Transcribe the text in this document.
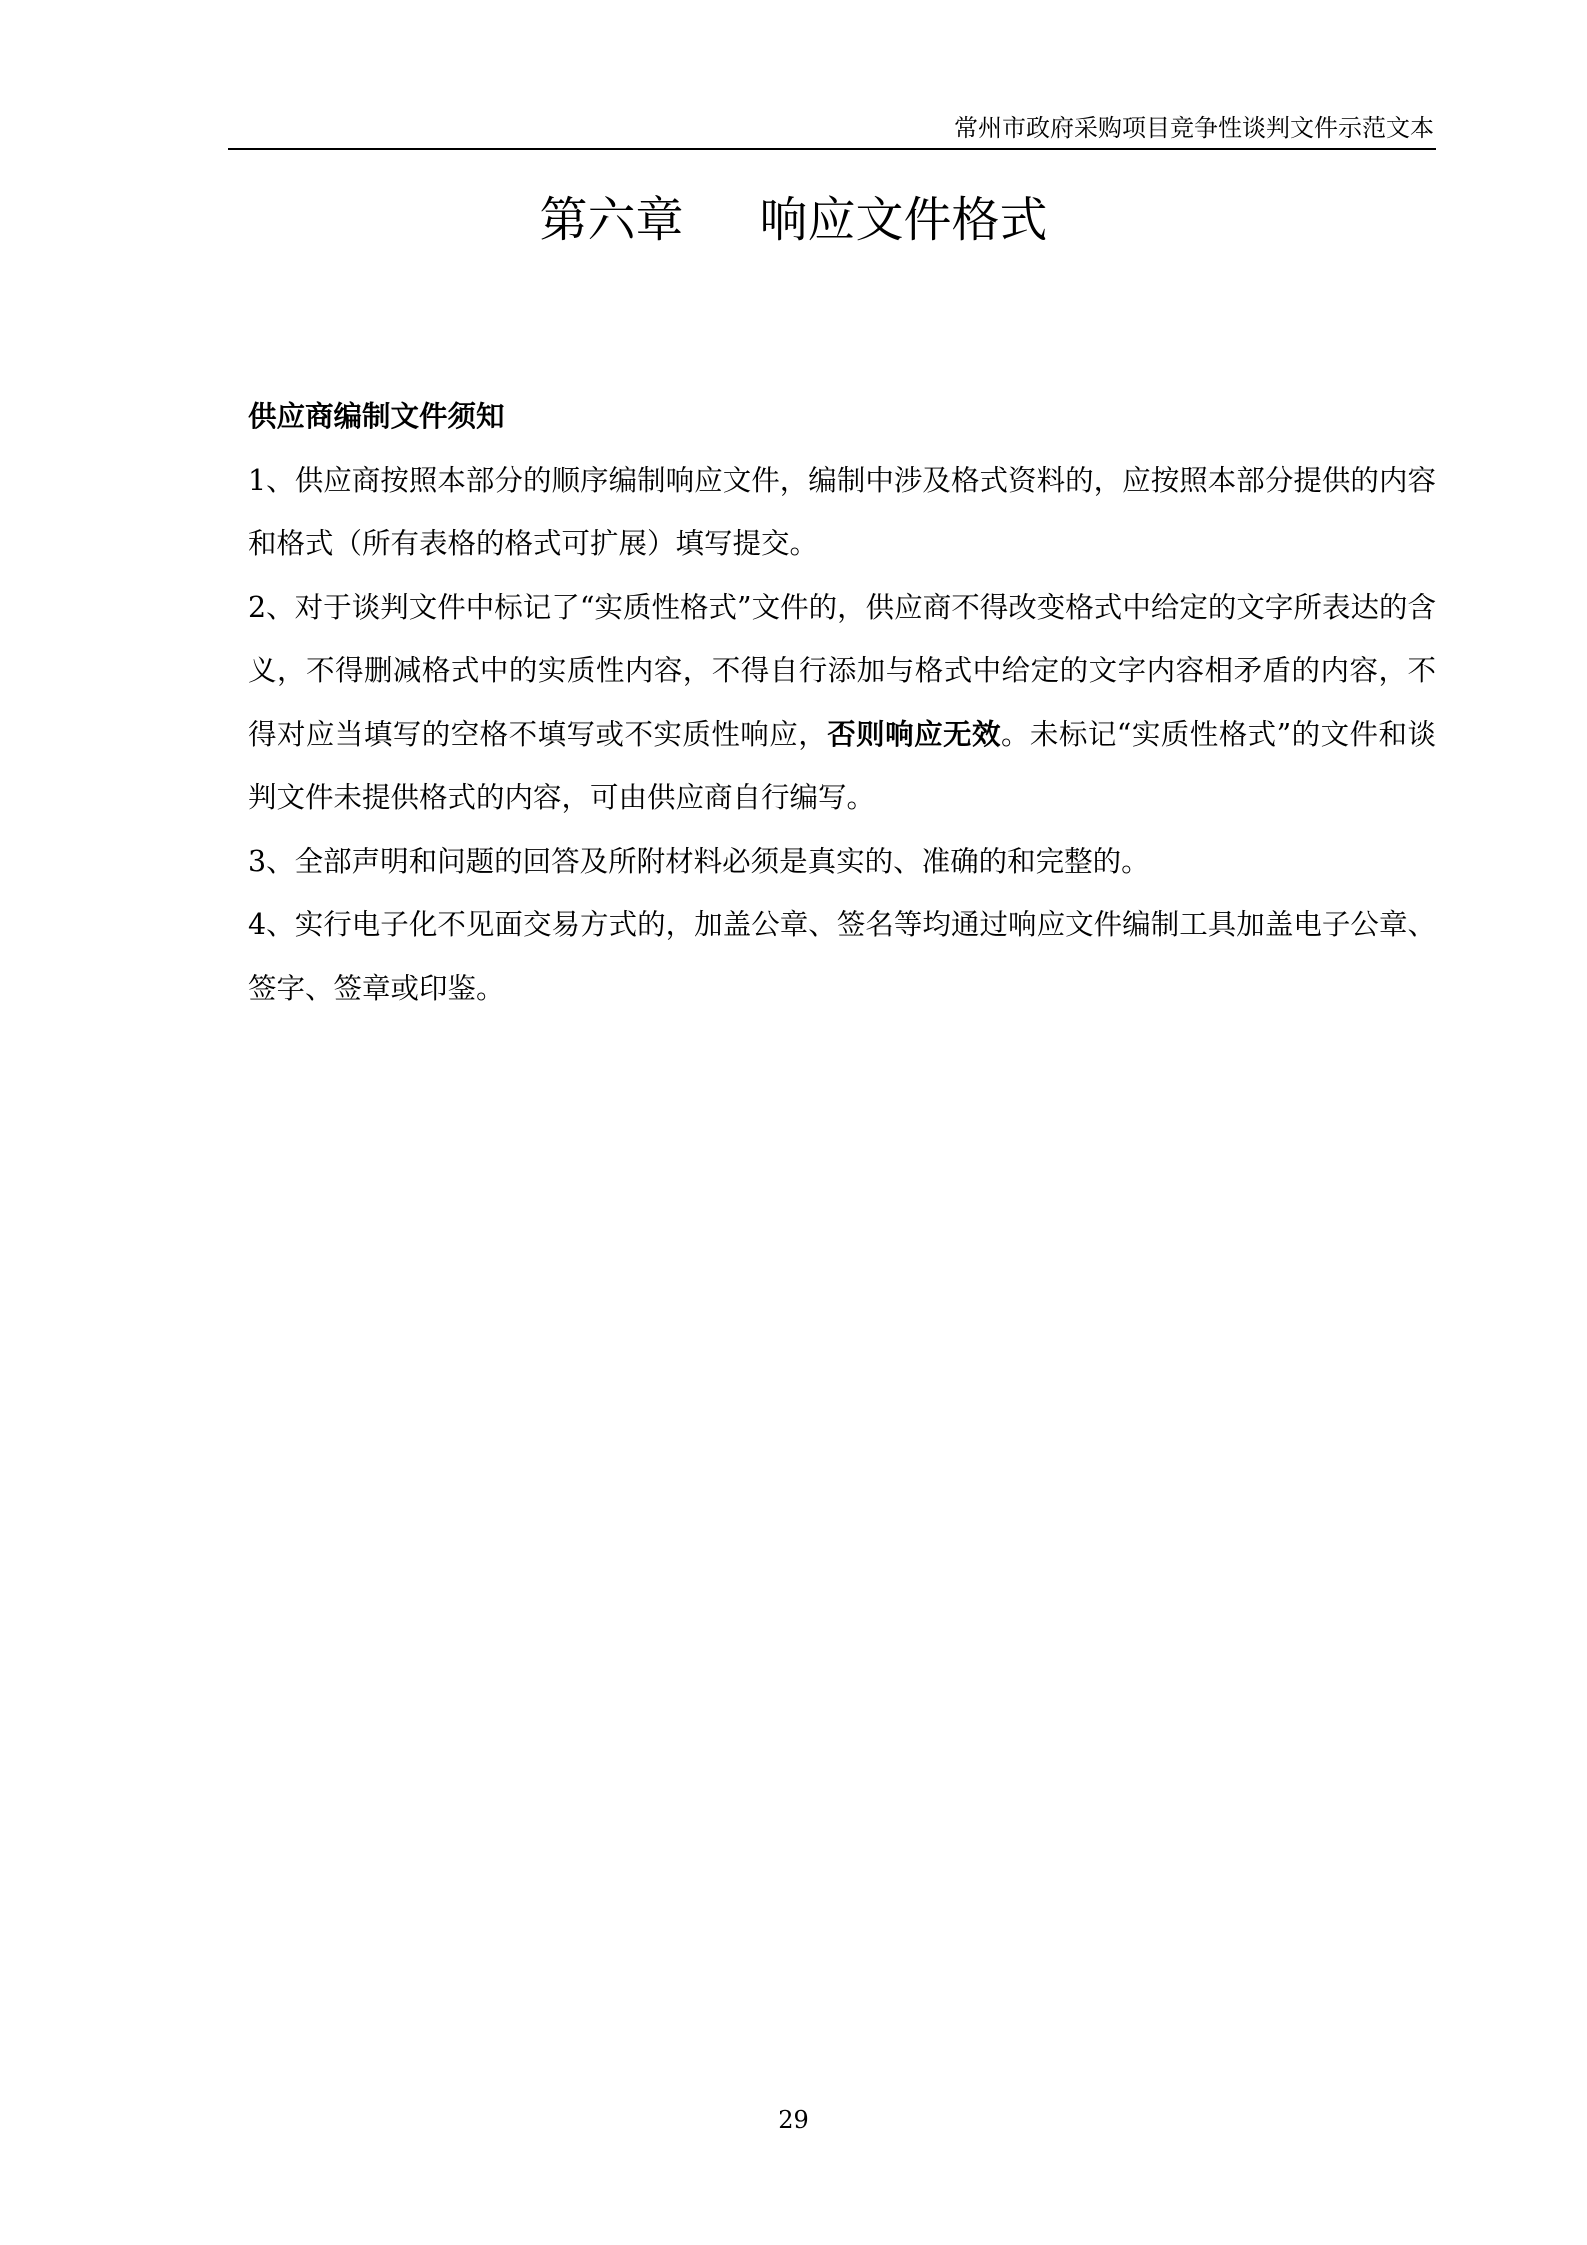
常州市政府采购项目竞争性谈判文件示范文本
第六章 响应文件格式

供应商编制文件须知

1、供应商按照本部分的顺序编制响应文件，编制中涉及格式资料的，应按照本部分提供的内容和格式（所有表格的格式可扩展）填写提交。

2、对于谈判文件中标记了“实质性格式”文件的，供应商不得改变格式中给定的文字所表达的含义，不得删减格式中的实质性内容，不得自行添加与格式中给定的文字内容相矛盾的内容，不得对应当填写的空格不填写或不实质性响应，否则响应无效。未标记“实质性格式”的文件和谈判文件未提供格式的内容，可由供应商自行编写。

3、全部声明和问题的回答及所附材料必须是真实的、准确的和完整的。

4、实行电子化不见面交易方式的，加盖公章、签名等均通过响应文件编制工具加盖电子公章、签字、签章或印鉴。

29
